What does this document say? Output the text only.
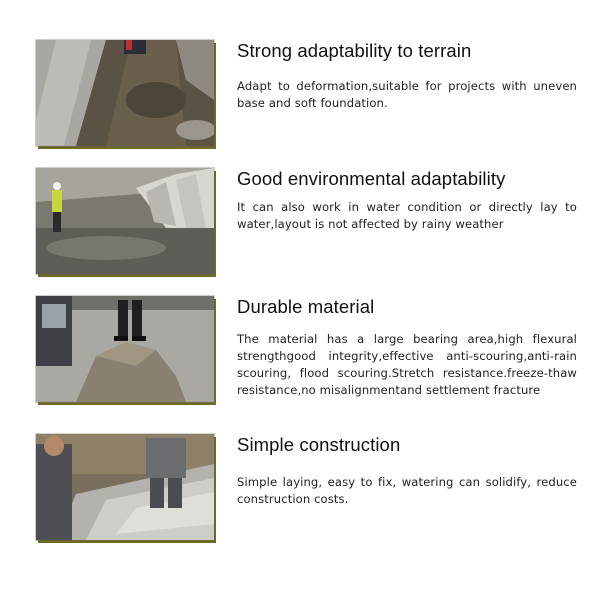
Strong adaptability to terrain
Adapt to deformation,suitable for projects with uneven base and soft foundation.
Good environmental adaptability
It can also work in water condition or directly lay to water,layout is not affected by rainy weather
Durable material
The material has a large bearing area,high flexural strengthgood integrity,effective anti-scouring,anti-rain scouring, flood scouring.Stretch resistance.freeze-thaw resistance,no misalignmentand settlement fracture
Simple construction
Simple laying, easy to fix, watering can solidify, reduce construction costs.
